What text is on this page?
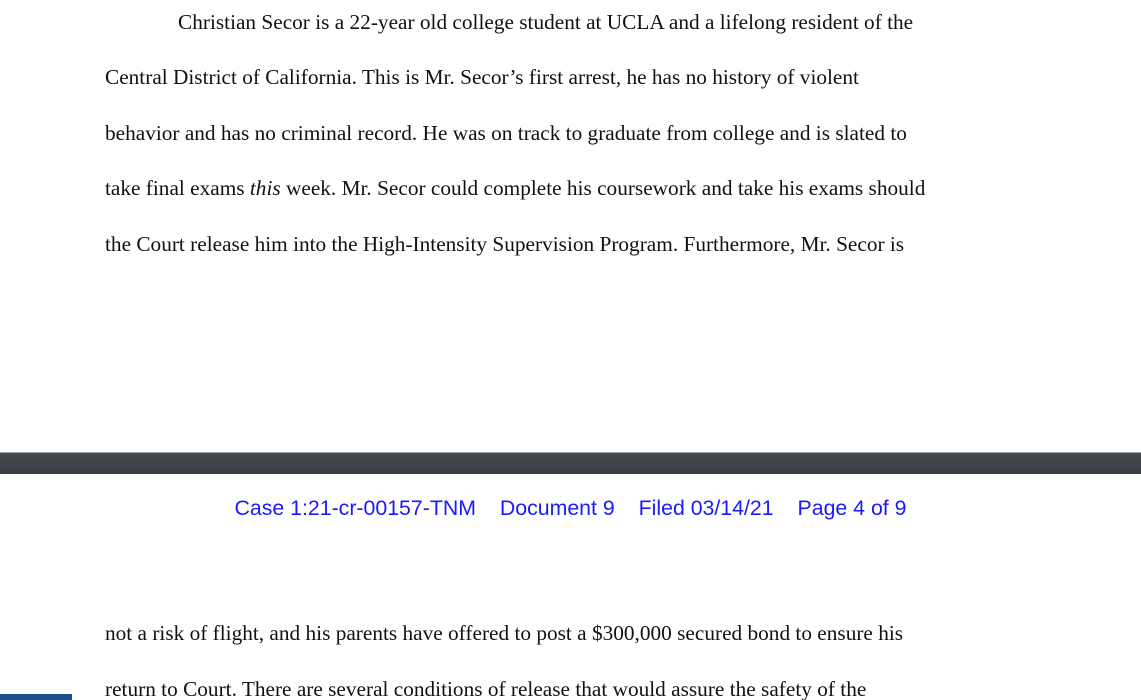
Christian Secor is a 22-year old college student at UCLA and a lifelong resident of the

Central District of California. This is Mr. Secor’s first arrest, he has no history of violent

behavior and has no criminal record. He was on track to graduate from college and is slated to

take final exams this week. Mr. Secor could complete his coursework and take his exams should

the Court release him into the High-Intensity Supervision Program. Furthermore, Mr. Secor is

Case 1:21-cr-00157-TNM Document 9 Filed 03/14/21 Page 4 of 9

not a risk of flight, and his parents have offered to post a $300,000 secured bond to ensure his

return to Court. There are several conditions of release that would assure the safety of the
